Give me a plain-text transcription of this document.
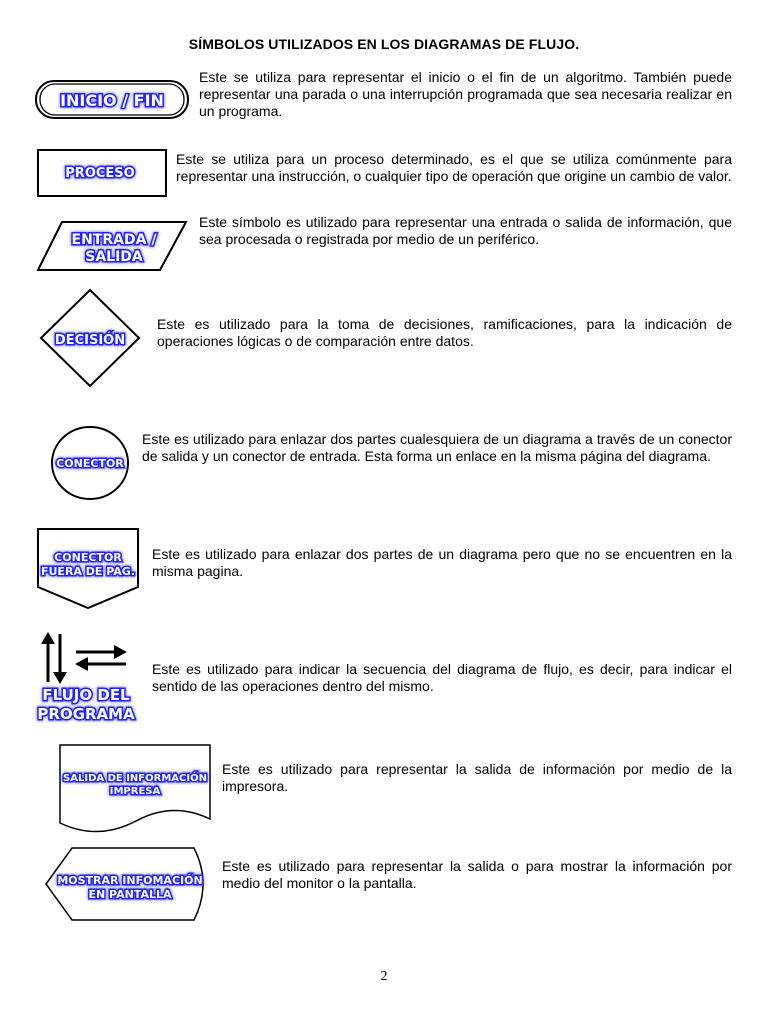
SÍMBOLOS UTILIZADOS EN LOS DIAGRAMAS DE FLUJO.
INICIO / FIN
Este se utiliza para representar el inicio o el fin de un algoritmo. También puede representar una parada o una interrupción programada que sea necesaria realizar en un programa.
PROCESO
Este se utiliza para un proceso determinado, es el que se utiliza comúnmente para representar una instrucción, o cualquier tipo de operación que origine un cambio de valor.
ENTRADA /
SALIDA
Este símbolo es utilizado para representar una entrada o salida de información, que sea procesada o registrada por medio de un periférico.
DECISIÓN
Este es utilizado para la toma de decisiones, ramificaciones, para la indicación de operaciones lógicas o de comparación entre datos.
CONECTOR
Este es utilizado para enlazar dos partes cualesquiera de un diagrama a través de un conector de salida y un conector de entrada. Esta forma un enlace en la misma página del diagrama.
CONECTOR
FUERA DE PAG.
Este es utilizado para enlazar dos partes de un diagrama pero que no se encuentren en la misma pagina.
FLUJO DEL
PROGRAMA
Este es utilizado para indicar la secuencia del diagrama de flujo, es decir, para indicar el sentido de las operaciones dentro del mismo.
SALIDA DE INFORMACIÓN
IMPRESA
Este es utilizado para representar la salida de información por medio de la impresora.
MOSTRAR INFOMACIÓN
EN PANTALLA
Este es utilizado para representar la salida o para mostrar la información por medio del monitor o la pantalla.
2
